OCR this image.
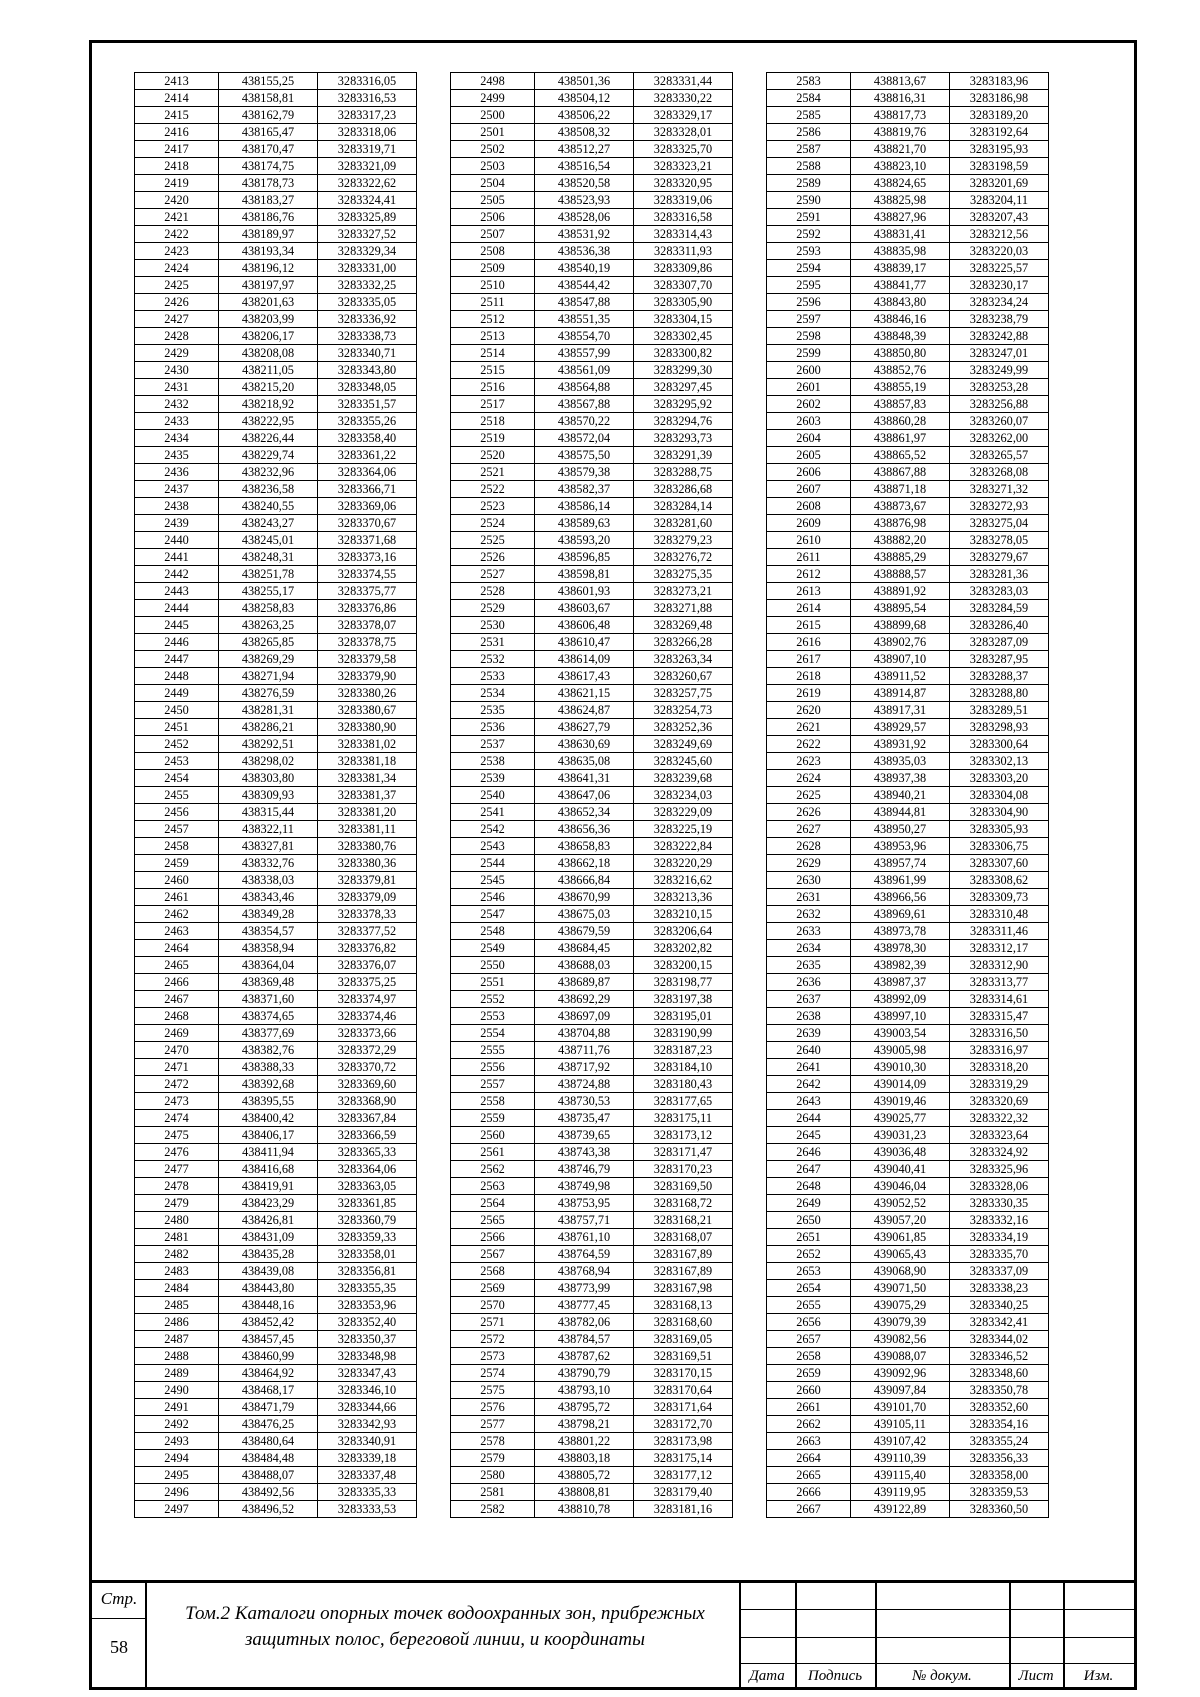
2413	438155,25	3283316,05
2414	438158,81	3283316,53
2415	438162,79	3283317,23
2416	438165,47	3283318,06
2417	438170,47	3283319,71
2418	438174,75	3283321,09
2419	438178,73	3283322,62
2420	438183,27	3283324,41
2421	438186,76	3283325,89
2422	438189,97	3283327,52
2423	438193,34	3283329,34
2424	438196,12	3283331,00
2425	438197,97	3283332,25
2426	438201,63	3283335,05
2427	438203,99	3283336,92
2428	438206,17	3283338,73
2429	438208,08	3283340,71
2430	438211,05	3283343,80
2431	438215,20	3283348,05
2432	438218,92	3283351,57
2433	438222,95	3283355,26
2434	438226,44	3283358,40
2435	438229,74	3283361,22
2436	438232,96	3283364,06
2437	438236,58	3283366,71
2438	438240,55	3283369,06
2439	438243,27	3283370,67
2440	438245,01	3283371,68
2441	438248,31	3283373,16
2442	438251,78	3283374,55
2443	438255,17	3283375,77
2444	438258,83	3283376,86
2445	438263,25	3283378,07
2446	438265,85	3283378,75
2447	438269,29	3283379,58
2448	438271,94	3283379,90
2449	438276,59	3283380,26
2450	438281,31	3283380,67
2451	438286,21	3283380,90
2452	438292,51	3283381,02
2453	438298,02	3283381,18
2454	438303,80	3283381,34
2455	438309,93	3283381,37
2456	438315,44	3283381,20
2457	438322,11	3283381,11
2458	438327,81	3283380,76
2459	438332,76	3283380,36
2460	438338,03	3283379,81
2461	438343,46	3283379,09
2462	438349,28	3283378,33
2463	438354,57	3283377,52
2464	438358,94	3283376,82
2465	438364,04	3283376,07
2466	438369,48	3283375,25
2467	438371,60	3283374,97
2468	438374,65	3283374,46
2469	438377,69	3283373,66
2470	438382,76	3283372,29
2471	438388,33	3283370,72
2472	438392,68	3283369,60
2473	438395,55	3283368,90
2474	438400,42	3283367,84
2475	438406,17	3283366,59
2476	438411,94	3283365,33
2477	438416,68	3283364,06
2478	438419,91	3283363,05
2479	438423,29	3283361,85
2480	438426,81	3283360,79
2481	438431,09	3283359,33
2482	438435,28	3283358,01
2483	438439,08	3283356,81
2484	438443,80	3283355,35
2485	438448,16	3283353,96
2486	438452,42	3283352,40
2487	438457,45	3283350,37
2488	438460,99	3283348,98
2489	438464,92	3283347,43
2490	438468,17	3283346,10
2491	438471,79	3283344,66
2492	438476,25	3283342,93
2493	438480,64	3283340,91
2494	438484,48	3283339,18
2495	438488,07	3283337,48
2496	438492,56	3283335,33
2497	438496,52	3283333,53
2498	438501,36	3283331,44
2499	438504,12	3283330,22
2500	438506,22	3283329,17
2501	438508,32	3283328,01
2502	438512,27	3283325,70
2503	438516,54	3283323,21
2504	438520,58	3283320,95
2505	438523,93	3283319,06
2506	438528,06	3283316,58
2507	438531,92	3283314,43
2508	438536,38	3283311,93
2509	438540,19	3283309,86
2510	438544,42	3283307,70
2511	438547,88	3283305,90
2512	438551,35	3283304,15
2513	438554,70	3283302,45
2514	438557,99	3283300,82
2515	438561,09	3283299,30
2516	438564,88	3283297,45
2517	438567,88	3283295,92
2518	438570,22	3283294,76
2519	438572,04	3283293,73
2520	438575,50	3283291,39
2521	438579,38	3283288,75
2522	438582,37	3283286,68
2523	438586,14	3283284,14
2524	438589,63	3283281,60
2525	438593,20	3283279,23
2526	438596,85	3283276,72
2527	438598,81	3283275,35
2528	438601,93	3283273,21
2529	438603,67	3283271,88
2530	438606,48	3283269,48
2531	438610,47	3283266,28
2532	438614,09	3283263,34
2533	438617,43	3283260,67
2534	438621,15	3283257,75
2535	438624,87	3283254,73
2536	438627,79	3283252,36
2537	438630,69	3283249,69
2538	438635,08	3283245,60
2539	438641,31	3283239,68
2540	438647,06	3283234,03
2541	438652,34	3283229,09
2542	438656,36	3283225,19
2543	438658,83	3283222,84
2544	438662,18	3283220,29
2545	438666,84	3283216,62
2546	438670,99	3283213,36
2547	438675,03	3283210,15
2548	438679,59	3283206,64
2549	438684,45	3283202,82
2550	438688,03	3283200,15
2551	438689,87	3283198,77
2552	438692,29	3283197,38
2553	438697,09	3283195,01
2554	438704,88	3283190,99
2555	438711,76	3283187,23
2556	438717,92	3283184,10
2557	438724,88	3283180,43
2558	438730,53	3283177,65
2559	438735,47	3283175,11
2560	438739,65	3283173,12
2561	438743,38	3283171,47
2562	438746,79	3283170,23
2563	438749,98	3283169,50
2564	438753,95	3283168,72
2565	438757,71	3283168,21
2566	438761,10	3283168,07
2567	438764,59	3283167,89
2568	438768,94	3283167,89
2569	438773,99	3283167,98
2570	438777,45	3283168,13
2571	438782,06	3283168,60
2572	438784,57	3283169,05
2573	438787,62	3283169,51
2574	438790,79	3283170,15
2575	438793,10	3283170,64
2576	438795,72	3283171,64
2577	438798,21	3283172,70
2578	438801,22	3283173,98
2579	438803,18	3283175,14
2580	438805,72	3283177,12
2581	438808,81	3283179,40
2582	438810,78	3283181,16
2583	438813,67	3283183,96
2584	438816,31	3283186,98
2585	438817,73	3283189,20
2586	438819,76	3283192,64
2587	438821,70	3283195,93
2588	438823,10	3283198,59
2589	438824,65	3283201,69
2590	438825,98	3283204,11
2591	438827,96	3283207,43
2592	438831,41	3283212,56
2593	438835,98	3283220,03
2594	438839,17	3283225,57
2595	438841,77	3283230,17
2596	438843,80	3283234,24
2597	438846,16	3283238,79
2598	438848,39	3283242,88
2599	438850,80	3283247,01
2600	438852,76	3283249,99
2601	438855,19	3283253,28
2602	438857,83	3283256,88
2603	438860,28	3283260,07
2604	438861,97	3283262,00
2605	438865,52	3283265,57
2606	438867,88	3283268,08
2607	438871,18	3283271,32
2608	438873,67	3283272,93
2609	438876,98	3283275,04
2610	438882,20	3283278,05
2611	438885,29	3283279,67
2612	438888,57	3283281,36
2613	438891,92	3283283,03
2614	438895,54	3283284,59
2615	438899,68	3283286,40
2616	438902,76	3283287,09
2617	438907,10	3283287,95
2618	438911,52	3283288,37
2619	438914,87	3283288,80
2620	438917,31	3283289,51
2621	438929,57	3283298,93
2622	438931,92	3283300,64
2623	438935,03	3283302,13
2624	438937,38	3283303,20
2625	438940,21	3283304,08
2626	438944,81	3283304,90
2627	438950,27	3283305,93
2628	438953,96	3283306,75
2629	438957,74	3283307,60
2630	438961,99	3283308,62
2631	438966,56	3283309,73
2632	438969,61	3283310,48
2633	438973,78	3283311,46
2634	438978,30	3283312,17
2635	438982,39	3283312,90
2636	438987,37	3283313,77
2637	438992,09	3283314,61
2638	438997,10	3283315,47
2639	439003,54	3283316,50
2640	439005,98	3283316,97
2641	439010,30	3283318,20
2642	439014,09	3283319,29
2643	439019,46	3283320,69
2644	439025,77	3283322,32
2645	439031,23	3283323,64
2646	439036,48	3283324,92
2647	439040,41	3283325,96
2648	439046,04	3283328,06
2649	439052,52	3283330,35
2650	439057,20	3283332,16
2651	439061,85	3283334,19
2652	439065,43	3283335,70
2653	439068,90	3283337,09
2654	439071,50	3283338,23
2655	439075,29	3283340,25
2656	439079,39	3283342,41
2657	439082,56	3283344,02
2658	439088,07	3283346,52
2659	439092,96	3283348,60
2660	439097,84	3283350,78
2661	439101,70	3283352,60
2662	439105,11	3283354,16
2663	439107,42	3283355,24
2664	439110,39	3283356,33
2665	439115,40	3283358,00
2666	439119,95	3283359,53
2667	439122,89	3283360,50
Стр.
58
Том.2 Каталоги опорных точек водоохранных зон, прибрежных
защитных полос, береговой линии, и координаты
Дата	Подпись	№ докум.	Лист	Изм.
